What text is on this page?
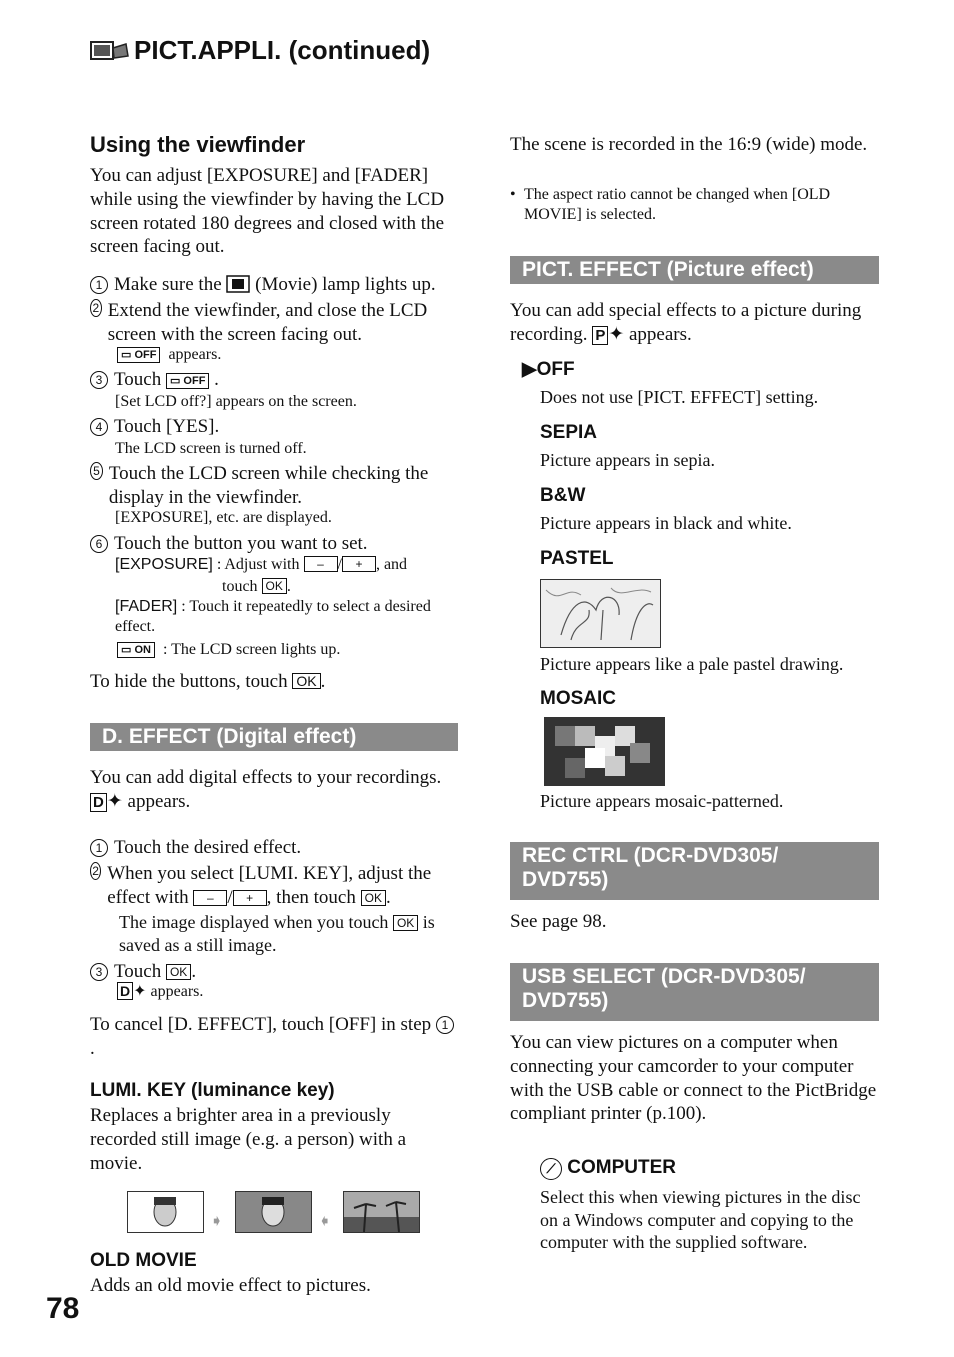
PICT.APPLI. (continued)
Using the viewfinder
You can adjust [EXPOSURE] and [FADER] while using the viewfinder by having the LCD screen rotated 180 degrees and closed with the screen facing out.
1 Make sure the (Movie) lamp lights up.
2 Extend the viewfinder, and close the LCD screen with the screen facing out.
▭ OFF appears.
3 Touch ▭ OFF .
[Set LCD off?] appears on the screen.
4 Touch [YES].
The LCD screen is turned off.
5 Touch the LCD screen while checking the display in the viewfinder.
[EXPOSURE], etc. are displayed.
6 Touch the button you want to set.
[EXPOSURE] : Adjust with – / + , and
touch OK .
[FADER] : Touch it repeatedly to select a desired effect.
▭ ON : The LCD screen lights up.
To hide the buttons, touch OK .
D. EFFECT (Digital effect)
You can add digital effects to your recordings. D ✦ appears.
1 Touch the desired effect.
2 When you select [LUMI. KEY], adjust the effect with – / + , then touch OK .
The image displayed when you touch OK is saved as a still image.
3 Touch OK .
D ✦ appears.
To cancel [D. EFFECT], touch [OFF] in step 1.
LUMI. KEY (luminance key)
Replaces a brighter area in a previously recorded still image (e.g. a person) with a movie.
➧	➧
OLD MOVIE
Adds an old movie effect to pictures.
78
The scene is recorded in the 16:9 (wide) mode.
• The aspect ratio cannot be changed when [OLD MOVIE] is selected.
PICT. EFFECT (Picture effect)
You can add special effects to a picture during recording. P ✦ appears.
▶OFF
Does not use [PICT. EFFECT] setting.
SEPIA
Picture appears in sepia.
B&W
Picture appears in black and white.
PASTEL
Picture appears like a pale pastel drawing.
MOSAIC
Picture appears mosaic-patterned.
REC CTRL (DCR-DVD305/ DVD755)
See page 98.
USB SELECT (DCR-DVD305/ DVD755)
You can view pictures on a computer when connecting your camcorder to your computer with the USB cable or connect to the PictBridge compliant printer (p.100).
⟋ COMPUTER
Select this when viewing pictures in the disc on a Windows computer and copying to the computer with the supplied software.
